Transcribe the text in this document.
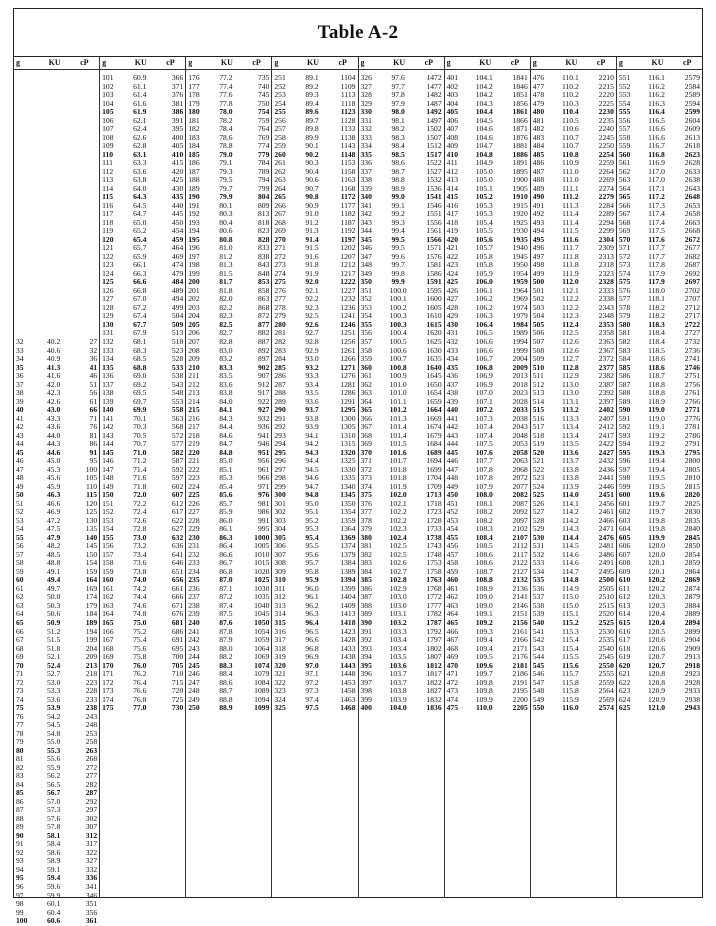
Table A-2
g	KU	cP
32	40.2	27
33	40.6	32
34	40.9	36
35	41.3	41
36	41.6	46
37	42.0	51
38	42.3	56
39	42.6	61
40	43.0	66
41	43.3	71
42	43.6	76
43	44.0	81
44	44.3	86
45	44.6	91
46	45.0	95
47	45.3	100
48	45.6	105
49	45.9	110
50	46.3	115
51	46.6	120
52	46.9	125
53	47.2	130
54	47.5	135
55	47.9	140
56	48.2	145
57	48.5	150
58	48.8	154
59	49.1	159
60	49.4	164
61	49.7	169
62	50.0	174
63	50.3	179
64	50.6	184
65	50.9	189
66	51.2	194
67	51.5	199
68	51.8	204
69	52.1	209
70	52.4	213
71	52.7	218
72	53.0	223
73	53.3	228
74	53.6	233
75	53.9	238
76	54.2	243
77	54.5	248
78	54.8	253
79	55.0	258
80	55.3	263
81	55.6	268
82	55.9	272
83	56.2	277
84	56.5	282
85	56.7	287
86	57.0	292
87	57.3	297
88	57.6	302
89	57.8	307
90	58.1	312
91	58.4	317
92	58.6	322
93	58.9	327
94	59.1	332
95	59.4	336
96	59.6	341
97	59.9	346
98	60.1	351
99	60.4	356
100	60.6	361
g	KU	cP
101	60.9	366
102	61.1	371
103	61.4	376
104	61.6	381
105	61.9	386
106	62.1	391
107	62.4	395
108	62.6	400
109	62.8	405
110	63.1	410
111	63.3	415
112	63.6	420
113	63.8	425
114	64.0	430
115	64.3	435
116	64.5	440
117	64.7	445
118	65.0	450
119	65.2	454
120	65.4	459
121	65.7	464
122	65.9	469
123	66.1	474
124	66.3	479
125	66.6	484
126	66.8	489
127	67.0	494
128	67.2	499
129	67.4	504
130	67.7	509
131	67.9	513
132	68.1	518
133	68.3	523
134	68.5	528
135	68.8	533
136	69.0	538
137	69.2	543
138	69.5	548
139	69.7	553
140	69.9	558
141	70.1	563
142	70.3	568
143	70.5	572
144	70.7	577
145	71.0	582
146	71.2	587
147	71.4	592
148	71.6	597
149	71.8	602
150	72.0	607
151	72.2	612
152	72.4	617
153	72.6	622
154	72.8	627
155	73.0	632
156	73.2	636
157	73.4	641
158	73.6	646
159	73.8	651
160	74.0	656
161	74.2	661
162	74.4	666
163	74.6	671
164	74.8	676
165	75.0	681
166	75.2	686
167	75.4	691
168	75.6	695
169	75.8	700
170	76.0	705
171	76.2	710
172	76.4	715
173	76.6	720
174	76.8	725
175	77.0	730
g	KU	cP
176	77.2	735
177	77.4	740
178	77.6	745
179	77.8	750
180	78.0	754
181	78.2	759
182	78.4	764
183	78.6	769
184	78.8	774
185	79.0	779
186	79.1	784
187	79.3	789
188	79.5	794
189	79.7	799
190	79.9	804
191	80.1	809
192	80.3	813
193	80.4	818
194	80.6	823
195	80.8	828
196	81.0	833
197	81.2	838
198	81.3	843
199	81.5	848
200	81.7	853
201	81.8	858
202	82.0	863
203	82.2	868
204	82.3	872
205	82.5	877
206	82.7	882
207	82.8	887
208	83.0	892
209	83.2	897
210	83.3	902
211	83.5	907
212	83.6	912
213	83.8	917
214	84.0	922
215	84.1	927
216	84.3	932
217	84.4	936
218	84.6	941
219	84.7	946
220	84.8	951
221	85.0	956
222	85.1	961
223	85.3	966
224	85.4	971
225	85.6	976
226	85.7	981
227	85.9	986
228	86.0	991
229	86.1	995
230	86.3	1000
231	86.4	1005
232	86.6	1010
233	86.7	1015
234	86.8	1020
235	87.0	1025
236	87.1	1030
237	87.2	1035
238	87.4	1040
239	87.5	1045
240	87.6	1050
241	87.8	1054
242	87.9	1059
243	88.0	1064
244	88.2	1069
245	88.3	1074
246	88.4	1079
247	88.6	1084
248	88.7	1089
249	88.8	1094
250	88.9	1099
g	KU	cP
251	89.1	1104
252	89.2	1109
253	89.3	1113
254	89.4	1118
255	89.6	1123
256	89.7	1128
257	89.8	1133
258	89.9	1138
259	90.1	1143
260	90.2	1148
261	90.3	1153
262	90.4	1158
263	90.6	1163
264	90.7	1168
265	90.8	1172
266	90.9	1177
267	91.0	1182
268	91.2	1187
269	91.3	1192
270	91.4	1197
271	91.5	1202
272	91.6	1207
273	91.8	1212
274	91.9	1217
275	92.0	1222
276	92.1	1227
277	92.2	1232
278	92.3	1236
279	92.5	1241
280	92.6	1246
281	92.7	1251
282	92.8	1256
283	92.9	1261
284	93.0	1266
285	93.2	1271
286	93.3	1276
287	93.4	1281
288	93.5	1286
289	93.6	1291
290	93.7	1295
291	93.8	1300
292	93.9	1305
293	94.1	1310
294	94.2	1315
295	94.3	1320
296	94.4	1325
297	94.5	1330
298	94.6	1335
299	94.7	1340
300	94.8	1345
301	95.0	1350
302	95.1	1354
303	95.2	1359
304	95.3	1364
305	95.4	1369
306	95.5	1374
307	95.6	1379
308	95.7	1384
309	95.8	1389
310	95.9	1394
311	96.0	1399
312	96.1	1404
313	96.2	1409
314	96.3	1413
315	96.4	1418
316	96.5	1423
317	96.6	1428
318	96.8	1433
319	96.9	1438
320	97.0	1443
321	97.1	1448
322	97.2	1453
323	97.3	1458
324	97.4	1463
325	97.5	1468
g	KU	cP
326	97.6	1472
327	97.7	1477
328	97.8	1482
329	97.9	1487
330	98.0	1492
331	98.1	1497
332	98.2	1502
333	98.3	1507
334	98.4	1512
335	98.5	1517
336	98.6	1522
337	98.7	1527
338	98.8	1532
339	98.9	1536
340	99.0	1541
341	99.1	1546
342	99.2	1551
343	99.3	1556
344	99.4	1561
345	99.5	1566
346	99.5	1571
347	99.6	1576
348	99.7	1581
349	99.8	1586
350	99.9	1591
351	100.0	1595
352	100.1	1600
353	100.2	1605
354	100.3	1610
355	100.3	1615
356	100.4	1620
357	100.5	1625
358	100.6	1630
359	100.7	1635
360	100.8	1640
361	100.9	1645
362	101.0	1650
363	101.0	1654
364	101.1	1659
365	101.2	1664
366	101.3	1669
367	101.4	1674
368	101.4	1679
369	101.5	1684
370	101.6	1689
371	101.7	1694
372	101.8	1699
373	101.8	1704
374	101.9	1709
375	102.0	1713
376	102.1	1718
377	102.2	1723
378	102.2	1728
379	102.3	1733
380	102.4	1738
381	102.5	1743
382	102.5	1748
383	102.6	1753
384	102.7	1758
385	102.8	1763
386	102.9	1768
387	103.0	1772
388	103.0	1777
389	103.1	1782
390	103.2	1787
391	103.3	1792
392	103.4	1797
393	103.4	1802
394	103.5	1807
395	103.6	1812
396	103.7	1817
397	103.7	1822
398	103.8	1827
399	103.9	1832
400	104.0	1836
g	KU	cP
401	104.1	1841
402	104.2	1846
403	104.2	1851
404	104.3	1856
405	104.4	1861
406	104.5	1866
407	104.6	1871
408	104.6	1876
409	104.7	1881
410	104.8	1886
411	104.9	1891
412	105.0	1895
413	105.0	1900
414	105.1	1905
415	105.2	1910
416	105.3	1915
417	105.3	1920
418	105.4	1925
419	105.5	1930
420	105.6	1935
421	105.7	1940
422	105.8	1945
423	105.8	1950
424	105.9	1954
425	106.0	1959
426	106.1	1964
427	106.2	1969
428	106.2	1974
429	106.3	1979
430	106.4	1984
431	106.5	1989
432	106.6	1994
433	106.6	1999
434	106.7	2004
435	106.8	2009
436	106.9	2013
437	106.9	2018
438	107.0	2023
439	107.1	2028
440	107.2	2033
441	107.3	2038
442	107.4	2043
443	107.4	2048
444	107.5	2053
445	107.6	2058
446	107.7	2063
447	107.8	2068
448	107.8	2072
449	107.9	2077
450	108.0	2082
451	108.1	2087
452	108.2	2092
453	108.2	2097
454	108.3	2102
455	108.4	2107
456	108.5	2112
457	108.6	2117
458	108.6	2122
459	108.7	2127
460	108.8	2132
461	108.9	2136
462	109.0	2141
463	109.0	2146
464	109.1	2151
465	109.2	2156
466	109.3	2161
467	109.4	2166
468	109.4	2171
469	109.5	2176
470	109.6	2181
471	109.7	2186
472	109.8	2191
473	109.8	2195
474	109.9	2200
475	110.0	2205
g	KU	cP
476	110.1	2210
477	110.2	2215
478	110.2	2220
479	110.3	2225
480	110.4	2230
481	110.5	2235
482	110.6	2240
483	110.7	2245
484	110.7	2250
485	110.8	2254
486	110.9	2259
487	111.0	2264
488	111.0	2269
489	111.1	2274
490	111.2	2279
491	111.3	2284
492	111.4	2289
493	111.4	2294
494	111.5	2299
495	111.6	2304
496	111.7	2309
497	111.8	2313
498	111.8	2318
499	111.9	2323
500	112.0	2328
501	112.1	2333
502	112.2	2338
503	112.2	2343
504	112.3	2348
505	112.4	2353
506	112.5	2358
507	112.6	2363
508	112.6	2367
509	112.7	2372
510	112.8	2377
511	112.9	2382
512	113.0	2387
513	113.0	2392
514	113.1	2397
515	113.2	2402
516	113.3	2407
517	113.4	2412
518	113.4	2417
519	113.5	2422
520	113.6	2427
521	113.7	2432
522	113.8	2436
523	113.8	2441
524	113.9	2446
525	114.0	2451
526	114.1	2456
527	114.2	2461
528	114.2	2466
529	114.3	2471
530	114.4	2476
531	114.5	2481
532	114.6	2486
533	114.6	2491
534	114.7	2495
535	114.8	2500
536	114.9	2505
537	115.0	2510
538	115.0	2515
539	115.1	2520
540	115.2	2525
541	115.3	2530
542	115.4	2535
543	115.4	2540
544	115.5	2545
545	115.6	2550
546	115.7	2555
547	115.8	2559
548	115.8	2564
549	115.9	2569
550	116.0	2574
g	KU	cP
551	116.1	2579
552	116.2	2584
553	116.2	2589
554	116.3	2594
555	116.4	2599
556	116.5	2604
557	116.6	2609
558	116.6	2613
559	116.7	2618
560	116.8	2623
561	116.9	2628
562	117.0	2633
563	117.0	2638
564	117.1	2643
565	117.2	2648
566	117.3	2653
567	117.4	2658
568	117.4	2663
569	117.5	2668
570	117.6	2672
571	117.7	2677
572	117.7	2682
573	117.8	2687
574	117.9	2692
575	117.9	2697
576	118.0	2702
577	118.1	2707
578	118.2	2712
579	118.2	2717
580	118.3	2722
581	118.4	2727
582	118.4	2732
583	118.5	2736
584	118.6	2741
585	118.6	2746
586	118.7	2751
587	118.8	2756
588	118.8	2761
589	118.9	2766
590	119.0	2771
591	119.0	2776
592	119.1	2781
593	119.2	2786
594	119.2	2791
595	119.3	2795
596	119.4	2800
597	119.4	2805
598	119.5	2810
599	119.5	2815
600	119.6	2820
601	119.7	2825
602	119.7	2830
603	119.8	2835
604	119.8	2840
605	119.9	2845
606	120.0	2850
607	120.0	2854
608	120.1	2859
609	120.1	2864
610	120.2	2869
611	120.2	2874
612	120.3	2879
613	120.3	2884
614	120.4	2889
615	120.4	2894
616	120.5	2899
617	120.6	2904
618	120.6	2909
619	120.7	2913
620	120.7	2918
621	120.8	2923
622	120.8	2928
623	120.9	2933
624	120.9	2938
625	121.0	2943
